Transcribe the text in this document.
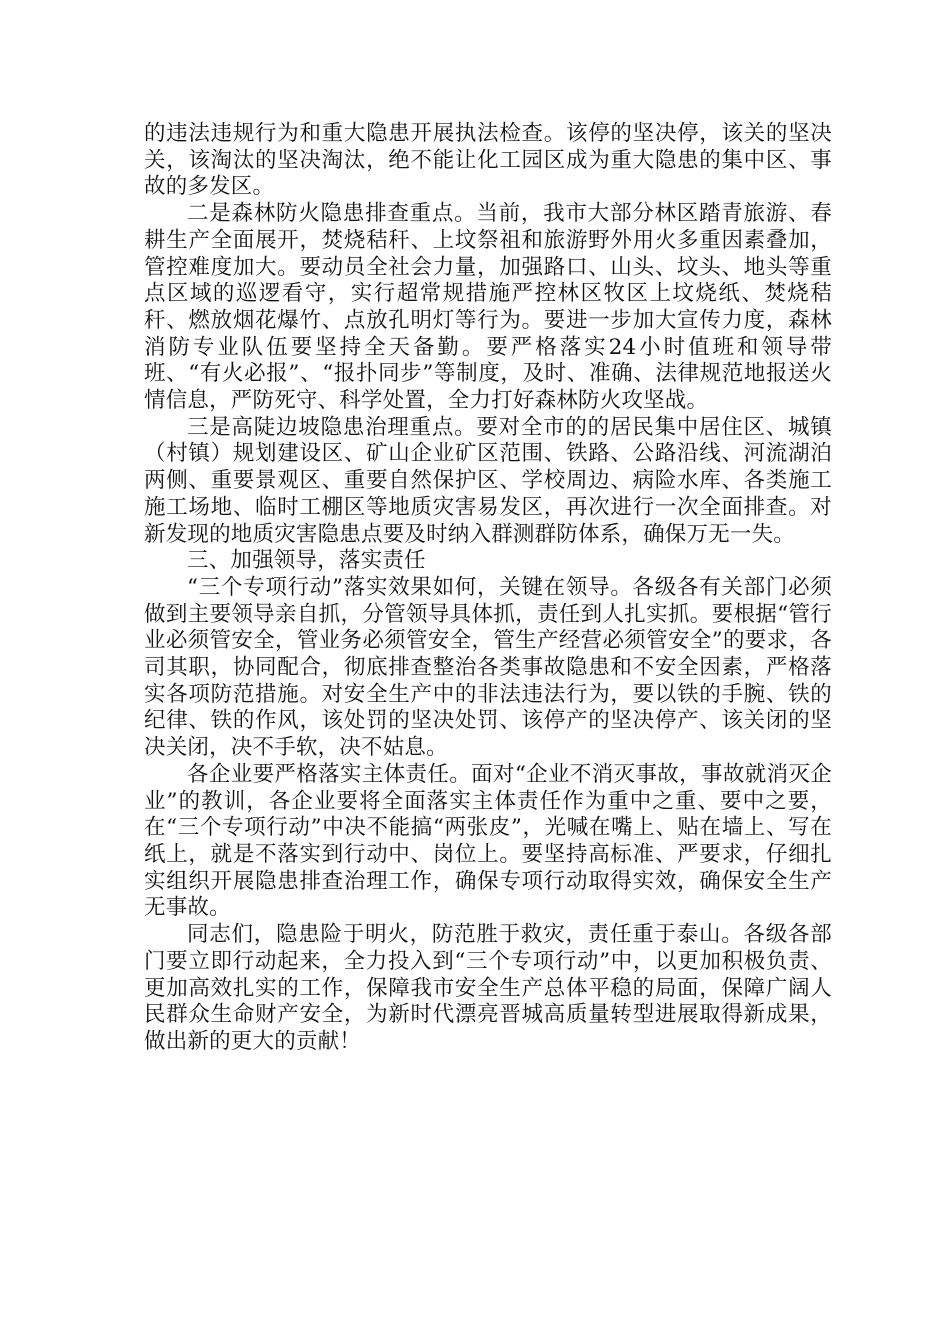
的违法违规行为和重大隐患开展执法检查。该停的坚决停，该关的坚决关，该淘汰的坚决淘汰，绝不能让化工园区成为重大隐患的集中区、事故的多发区。

二是森林防火隐患排查重点。当前，我市大部分林区踏青旅游、春耕生产全面展开，焚烧秸秆、上坟祭祖和旅游野外用火多重因素叠加，管控难度加大。要动员全社会力量，加强路口、山头、坟头、地头等重点区域的巡逻看守，实行超常规措施严控林区牧区上坟烧纸、焚烧秸秆、燃放烟花爆竹、点放孔明灯等行为。要进一步加大宣传力度，森林消防专业队伍要坚持全天备勤。要严格落实24小时值班和领导带班、“有火必报”、“报扑同步”等制度，及时、准确、法律规范地报送火情信息，严防死守、科学处置，全力打好森林防火攻坚战。

三是高陡边坡隐患治理重点。要对全市的的居民集中居住区、城镇（村镇）规划建设区、矿山企业矿区范围、铁路、公路沿线、河流湖泊两侧、重要景观区、重要自然保护区、学校周边、病险水库、各类施工施工场地、临时工棚区等地质灾害易发区，再次进行一次全面排查。对新发现的地质灾害隐患点要及时纳入群测群防体系，确保万无一失。

三、加强领导，落实责任

“三个专项行动”落实效果如何，关键在领导。各级各有关部门必须做到主要领导亲自抓，分管领导具体抓，责任到人扎实抓。要根据“管行业必须管安全，管业务必须管安全，管生产经营必须管安全”的要求，各司其职，协同配合，彻底排查整治各类事故隐患和不安全因素，严格落实各项防范措施。对安全生产中的非法违法行为，要以铁的手腕、铁的纪律、铁的作风，该处罚的坚决处罚、该停产的坚决停产、该关闭的坚决关闭，决不手软，决不姑息。

各企业要严格落实主体责任。面对“企业不消灭事故，事故就消灭企业”的教训，各企业要将全面落实主体责任作为重中之重、要中之要，在“三个专项行动”中决不能搞“两张皮”，光喊在嘴上、贴在墙上、写在纸上，就是不落实到行动中、岗位上。要坚持高标准、严要求，仔细扎实组织开展隐患排查治理工作，确保专项行动取得实效，确保安全生产无事故。

同志们，隐患险于明火，防范胜于救灾，责任重于泰山。各级各部门要立即行动起来，全力投入到“三个专项行动”中，以更加积极负责、更加高效扎实的工作，保障我市安全生产总体平稳的局面，保障广阔人民群众生命财产安全，为新时代漂亮晋城高质量转型进展取得新成果，做出新的更大的贡献！
